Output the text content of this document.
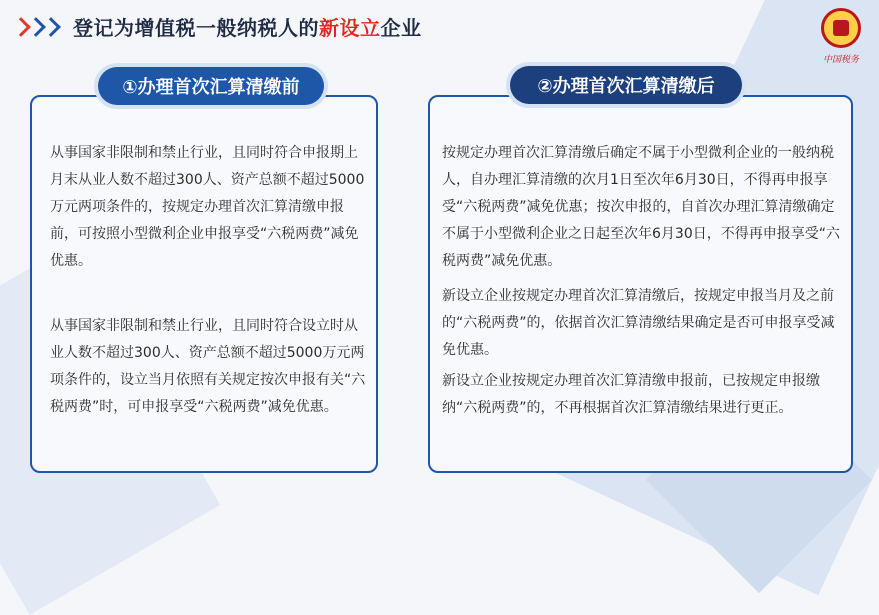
登记为增值税一般纳税人的新设立企业
中国税务
①办理首次汇算清缴前	②办理首次汇算清缴后

从事国家非限制和禁止行业，且同时符合申报期上月末从业人数不超过300人、资产总额不超过5000万元两项条件的，按规定办理首次汇算清缴申报前，可按照小型微利企业申报享受“六税两费”减免优惠。

从事国家非限制和禁止行业，且同时符合设立时从业人数不超过300人、资产总额不超过5000万元两项条件的，设立当月依照有关规定按次申报有关“六税两费”时，可申报享受“六税两费”减免优惠。

按规定办理首次汇算清缴后确定不属于小型微利企业的一般纳税人，自办理汇算清缴的次月1日至次年6月30日，不得再申报享受“六税两费”减免优惠；按次申报的，自首次办理汇算清缴确定不属于小型微利企业之日起至次年6月30日，不得再申报享受“六税两费”减免优惠。

新设立企业按规定办理首次汇算清缴后，按规定申报当月及之前的“六税两费”的，依据首次汇算清缴结果确定是否可申报享受减免优惠。

新设立企业按规定办理首次汇算清缴申报前，已按规定申报缴纳“六税两费”的，不再根据首次汇算清缴结果进行更正。
